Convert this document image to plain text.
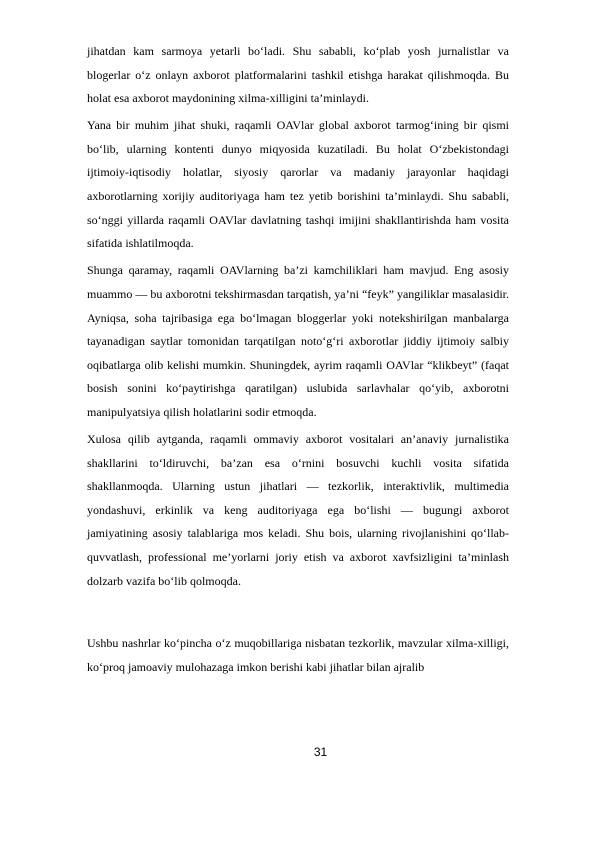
jihatdan kam sarmoya yetarli bo‘ladi. Shu sababli, ko‘plab yosh jurnalistlar va blogerlar o‘z onlayn axborot platformalarini tashkil etishga harakat qilishmoqda. Bu holat esa axborot maydonining xilma-xilligini ta’minlaydi.

Yana bir muhim jihat shuki, raqamli OAVlar global axborot tarmog‘ining bir qismi bo‘lib, ularning kontenti dunyo miqyosida kuzatiladi. Bu holat O‘zbekistondagi ijtimoiy-iqtisodiy holatlar, siyosiy qarorlar va madaniy jarayonlar haqidagi axborotlarning xorijiy auditoriyaga ham tez yetib borishini ta’minlaydi. Shu sababli, so‘nggi yillarda raqamli OAVlar davlatning tashqi imijini shakllantirishda ham vosita sifatida ishlatilmoqda.

Shunga qaramay, raqamli OAVlarning ba’zi kamchiliklari ham mavjud. Eng asosiy muammo — bu axborotni tekshirmasdan tarqatish, ya’ni “feyk” yangiliklar masalasidir. Ayniqsa, soha tajribasiga ega bo‘lmagan bloggerlar yoki notekshirilgan manbalarga tayanadigan saytlar tomonidan tarqatilgan noto‘g‘ri axborotlar jiddiy ijtimoiy salbiy oqibatlarga olib kelishi mumkin. Shuningdek, ayrim raqamli OAVlar “klikbeyt” (faqat bosish sonini ko‘paytirishga qaratilgan) uslubida sarlavhalar qo‘yib, axborotni manipulyatsiya qilish holatlarini sodir etmoqda.

Xulosa qilib aytganda, raqamli ommaviy axborot vositalari an’anaviy jurnalistika shakllarini to‘ldiruvchi, ba’zan esa o‘rnini bosuvchi kuchli vosita sifatida shakllanmoqda. Ularning ustun jihatlari — tezkorlik, interaktivlik, multimedia yondashuvi, erkinlik va keng auditoriyaga ega bo‘lishi — bugungi axborot jamiyatining asosiy talablariga mos keladi. Shu bois, ularning rivojlanishini qo‘llab-quvvatlash, professional me’yorlarni joriy etish va axborot xavfsizligini ta’minlash dolzarb vazifa bo‘lib qolmoqda.

Ushbu nashrlar ko‘pincha o‘z muqobillariga nisbatan tezkorlik, mavzular xilma-xilligi, ko‘proq jamoaviy mulohazaga imkon berishi kabi jihatlar bilan ajralib

31
